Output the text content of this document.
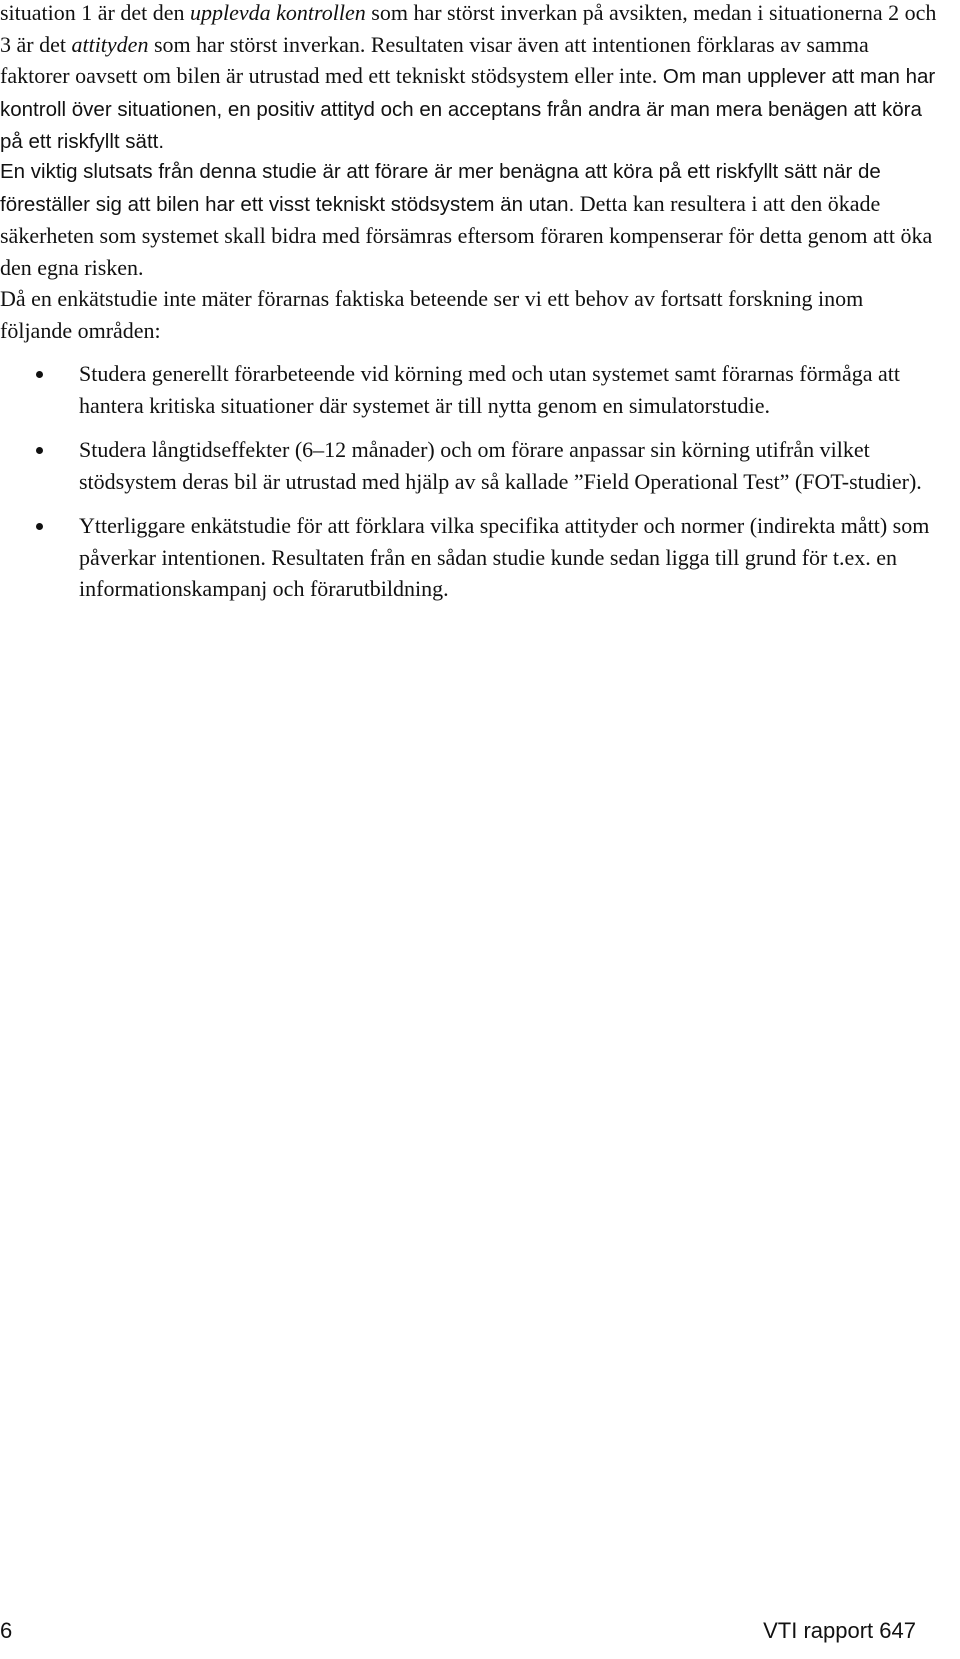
situation 1 är det den upplevda kontrollen som har störst inverkan på avsikten, medan i situationerna 2 och 3 är det attityden som har störst inverkan. Resultaten visar även att intentionen förklaras av samma faktorer oavsett om bilen är utrustad med ett tekniskt stödsystem eller inte. Om man upplever att man har kontroll över situationen, en positiv attityd och en acceptans från andra är man mera benägen att köra på ett riskfyllt sätt.

En viktig slutsats från denna studie är att förare är mer benägna att köra på ett riskfyllt sätt när de föreställer sig att bilen har ett visst tekniskt stödsystem än utan. Detta kan resultera i att den ökade säkerheten som systemet skall bidra med försämras eftersom föraren kompenserar för detta genom att öka den egna risken.

Då en enkätstudie inte mäter förarnas faktiska beteende ser vi ett behov av fortsatt forskning inom följande områden:

Studera generellt förarbeteende vid körning med och utan systemet samt förarnas förmåga att hantera kritiska situationer där systemet är till nytta genom en simulatorstudie.
Studera långtidseffekter (6–12 månader) och om förare anpassar sin körning utifrån vilket stödsystem deras bil är utrustad med hjälp av så kallade ”Field Operational Test” (FOT-studier).
Ytterliggare enkätstudie för att förklara vilka specifika attityder och normer (indirekta mått) som påverkar intentionen. Resultaten från en sådan studie kunde sedan ligga till grund för t.ex. en informationskampanj och förarutbildning.
6	VTI rapport 647
